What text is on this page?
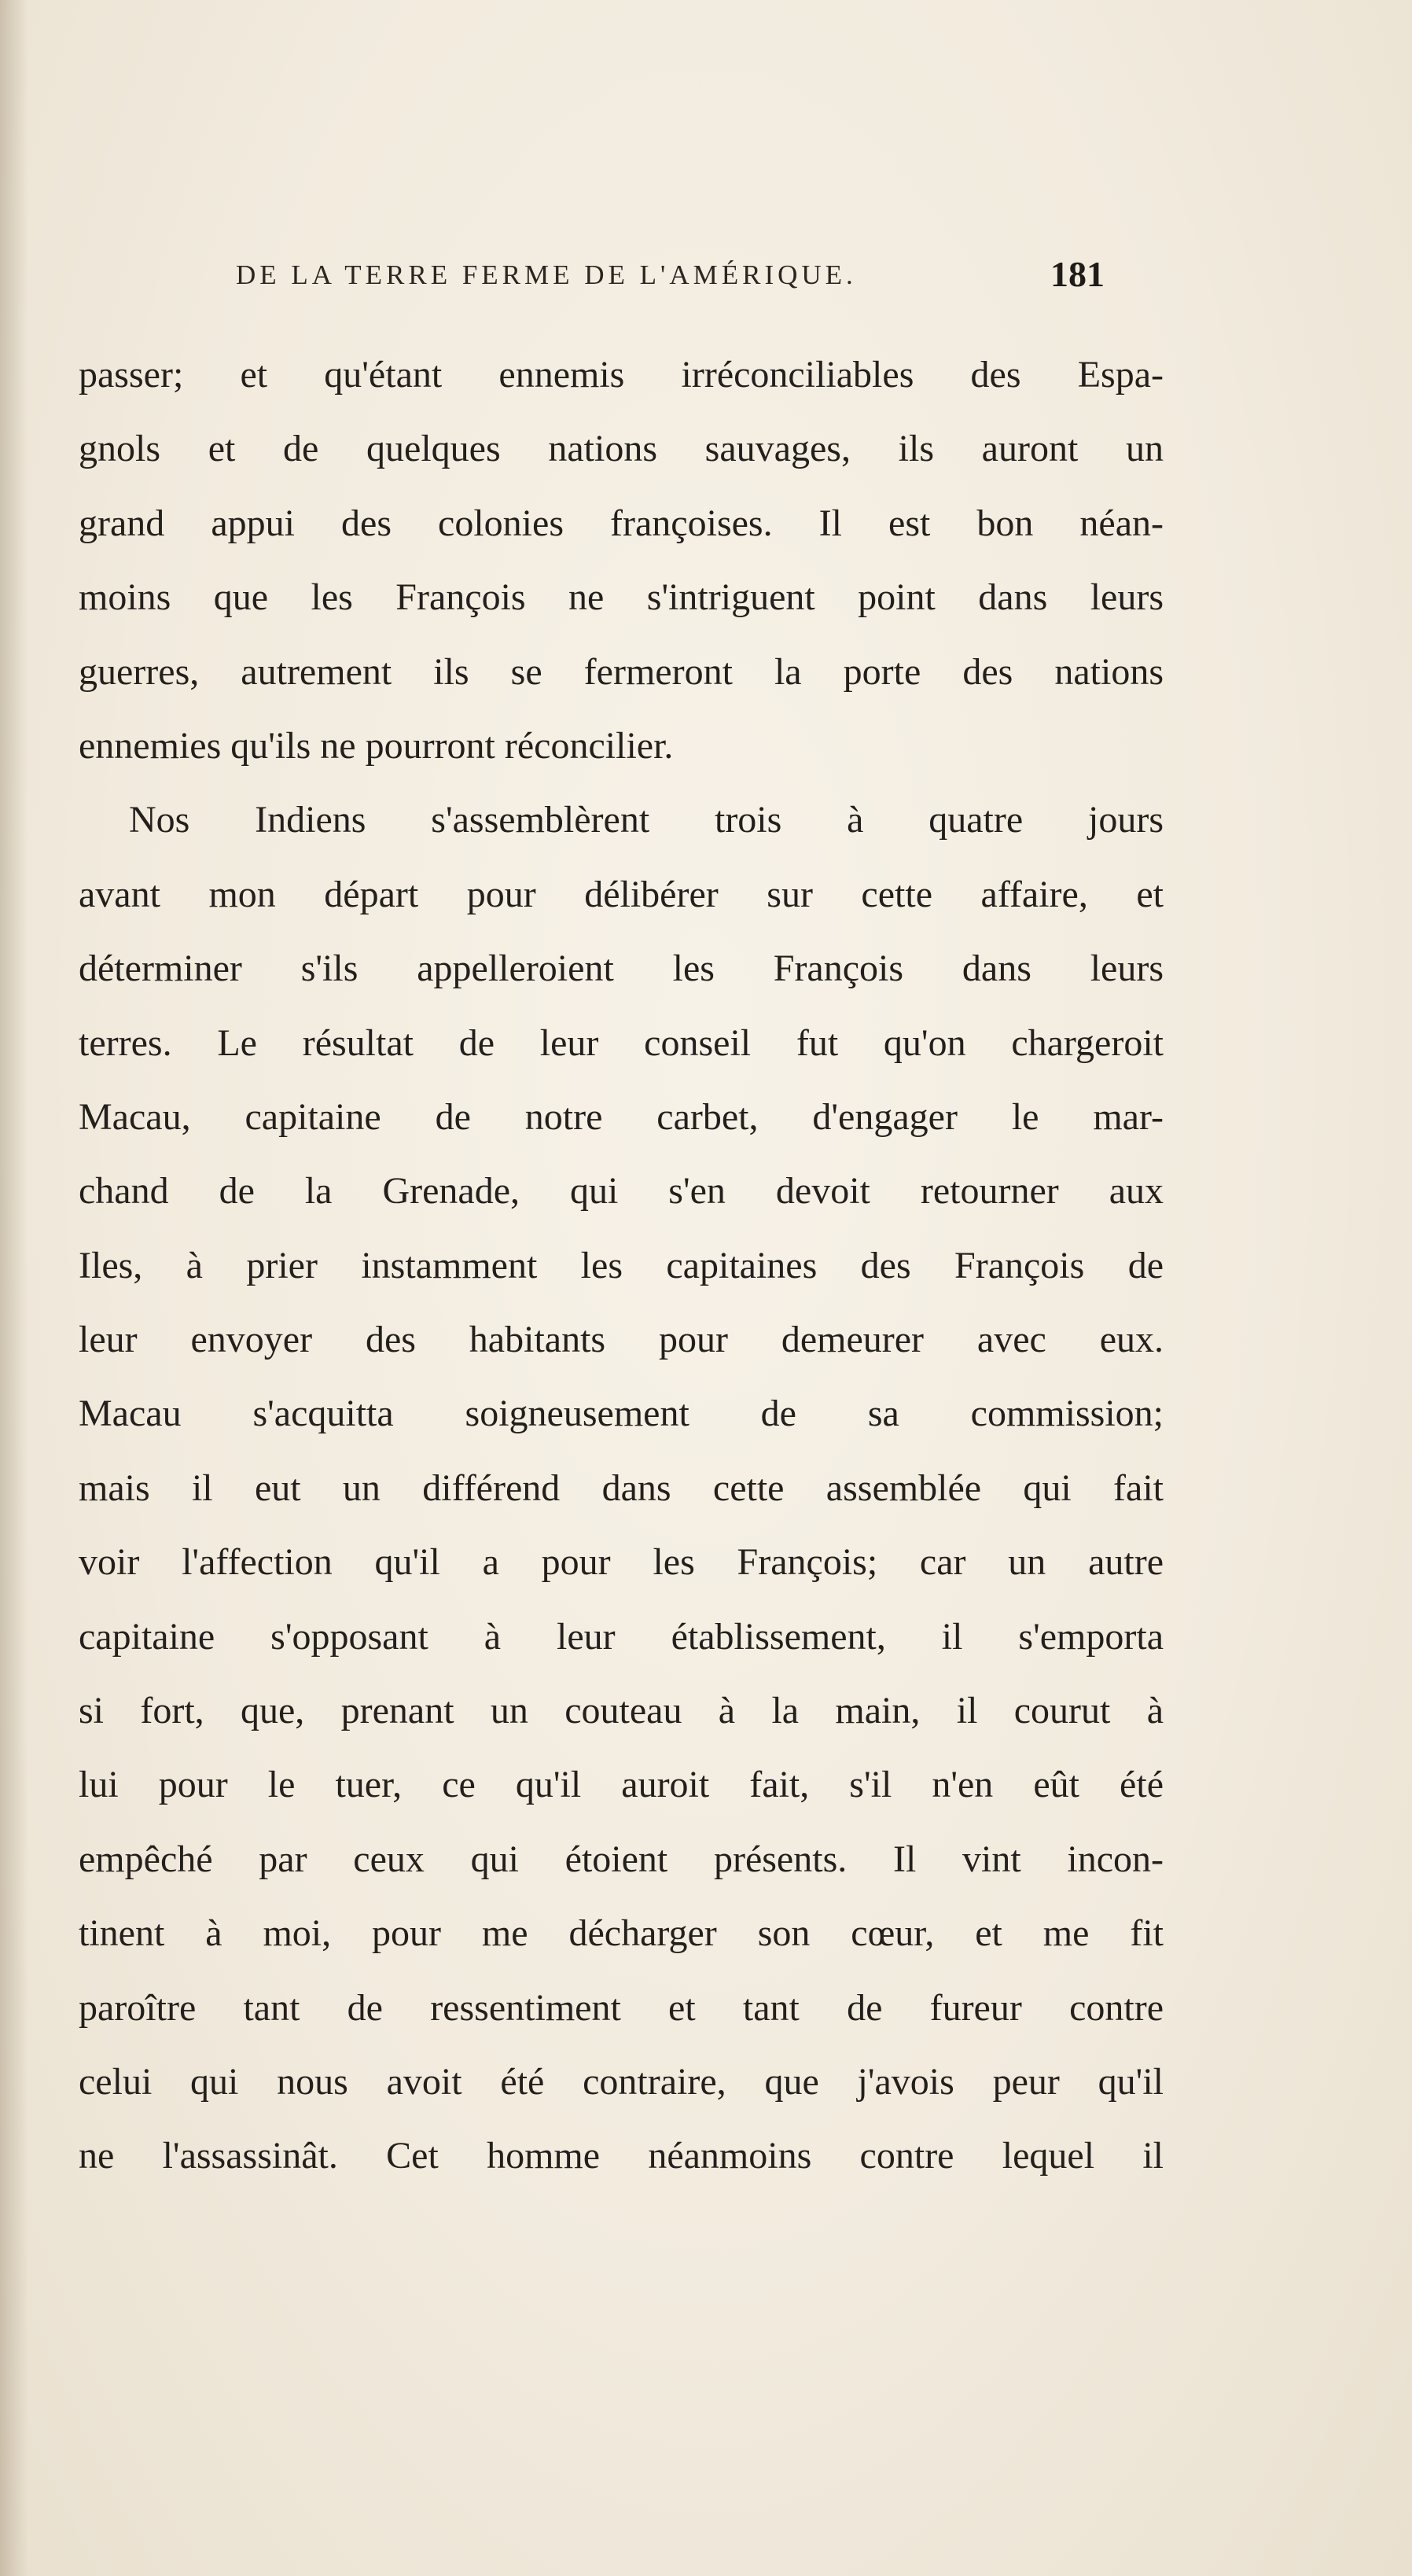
DE LA TERRE FERME DE L'AMÉRIQUE.	181
passer; et qu'étant ennemis irréconciliables des Espa-
gnols et de quelques nations sauvages, ils auront un
grand appui des colonies françoises. Il est bon néan-
moins que les François ne s'intriguent point dans leurs
guerres, autrement ils se fermeront la porte des nations
ennemies qu'ils ne pourront réconcilier.
Nos Indiens s'assemblèrent trois à quatre jours
avant mon départ pour délibérer sur cette affaire, et
déterminer s'ils appelleroient les François dans leurs
terres. Le résultat de leur conseil fut qu'on chargeroit
Macau, capitaine de notre carbet, d'engager le mar-
chand de la Grenade, qui s'en devoit retourner aux
Iles, à prier instamment les capitaines des François de
leur envoyer des habitants pour demeurer avec eux.
Macau s'acquitta soigneusement de sa commission;
mais il eut un différend dans cette assemblée qui fait
voir l'affection qu'il a pour les François; car un autre
capitaine s'opposant à leur établissement, il s'emporta
si fort, que, prenant un couteau à la main, il courut à
lui pour le tuer, ce qu'il auroit fait, s'il n'en eût été
empêché par ceux qui étoient présents. Il vint incon-
tinent à moi, pour me décharger son cœur, et me fit
paroître tant de ressentiment et tant de fureur contre
celui qui nous avoit été contraire, que j'avois peur qu'il
ne l'assassinât. Cet homme néanmoins contre lequel il
